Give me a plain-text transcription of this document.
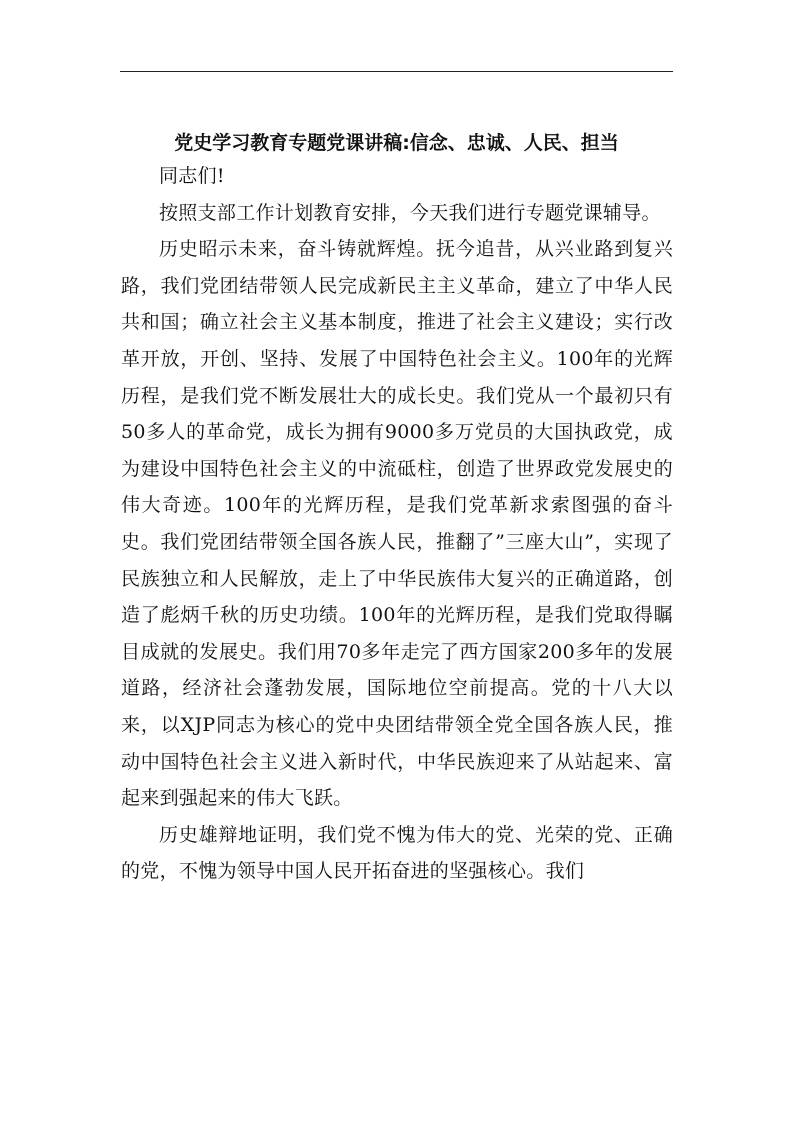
党史学习教育专题党课讲稿:信念、忠诚、人民、担当

同志们!

按照支部工作计划教育安排，今天我们进行专题党课辅导。

历史昭示未来，奋斗铸就辉煌。抚今追昔，从兴业路到复兴路，我们党团结带领人民完成新民主主义革命，建立了中华人民共和国；确立社会主义基本制度，推进了社会主义建设；实行改革开放，开创、坚持、发展了中国特色社会主义。100年的光辉历程，是我们党不断发展壮大的成长史。我们党从一个最初只有50多人的革命党，成长为拥有9000多万党员的大国执政党，成为建设中国特色社会主义的中流砥柱，创造了世界政党发展史的伟大奇迹。100年的光辉历程，是我们党革新求索图强的奋斗史。我们党团结带领全国各族人民，推翻了”三座大山”，实现了民族独立和人民解放，走上了中华民族伟大复兴的正确道路，创造了彪炳千秋的历史功绩。100年的光辉历程，是我们党取得瞩目成就的发展史。我们用70多年走完了西方国家200多年的发展道路，经济社会蓬勃发展，国际地位空前提高。党的十八大以来，以XJP同志为核心的党中央团结带领全党全国各族人民，推动中国特色社会主义进入新时代，中华民族迎来了从站起来、富起来到强起来的伟大飞跃。

历史雄辩地证明，我们党不愧为伟大的党、光荣的党、正确的党，不愧为领导中国人民开拓奋进的坚强核心。我们
